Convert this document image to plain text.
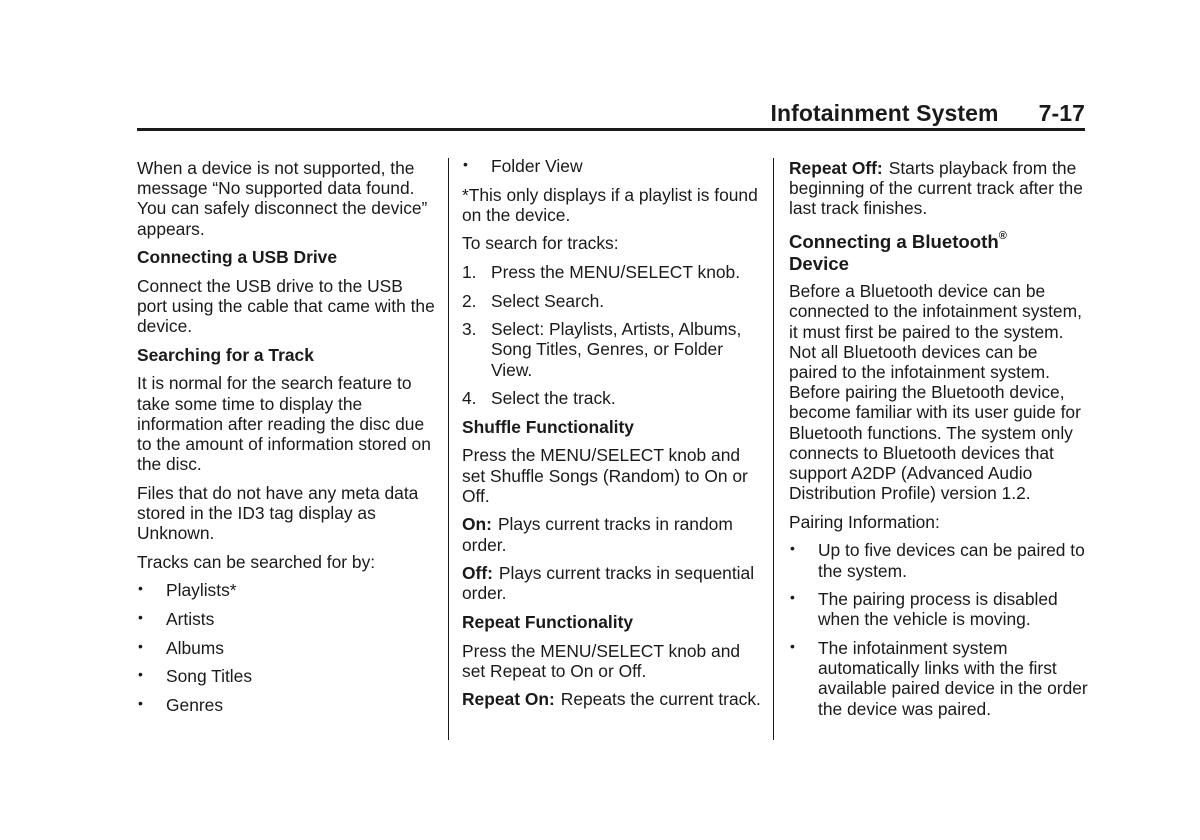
Infotainment System 7-17

When a device is not supported, the message “No supported data found. You can safely disconnect the device” appears.

Connecting a USB Drive

Connect the USB drive to the USB port using the cable that came with the device.

Searching for a Track

It is normal for the search feature to take some time to display the information after reading the disc due to the amount of information stored on the disc.

Files that do not have any meta data stored in the ID3 tag display as Unknown.

Tracks can be searched for by:

• Playlists*
• Artists
• Albums
• Song Titles
• Genres
• Folder View

*This only displays if a playlist is found on the device.

To search for tracks:

1. Press the MENU/SELECT knob.
2. Select Search.
3. Select: Playlists, Artists, Albums, Song Titles, Genres, or Folder View.
4. Select the track.
Shuffle Functionality

Press the MENU/SELECT knob and set Shuffle Songs (Random) to On or Off.

On: Plays current tracks in random order.

Off: Plays current tracks in sequential order.

Repeat Functionality

Press the MENU/SELECT knob and set Repeat to On or Off.

Repeat On: Repeats the current track.

Repeat Off: Starts playback from the beginning of the current track after the last track finishes.

Connecting a Bluetooth®
Device

Before a Bluetooth device can be connected to the infotainment system, it must first be paired to the system. Not all Bluetooth devices can be paired to the infotainment system. Before pairing the Bluetooth device, become familiar with its user guide for Bluetooth functions. The system only connects to Bluetooth devices that support A2DP (Advanced Audio Distribution Profile) version 1.2.

Pairing Information:

• Up to five devices can be paired to the system.
• The pairing process is disabled when the vehicle is moving.
• The infotainment system automatically links with the first available paired device in the order the device was paired.
